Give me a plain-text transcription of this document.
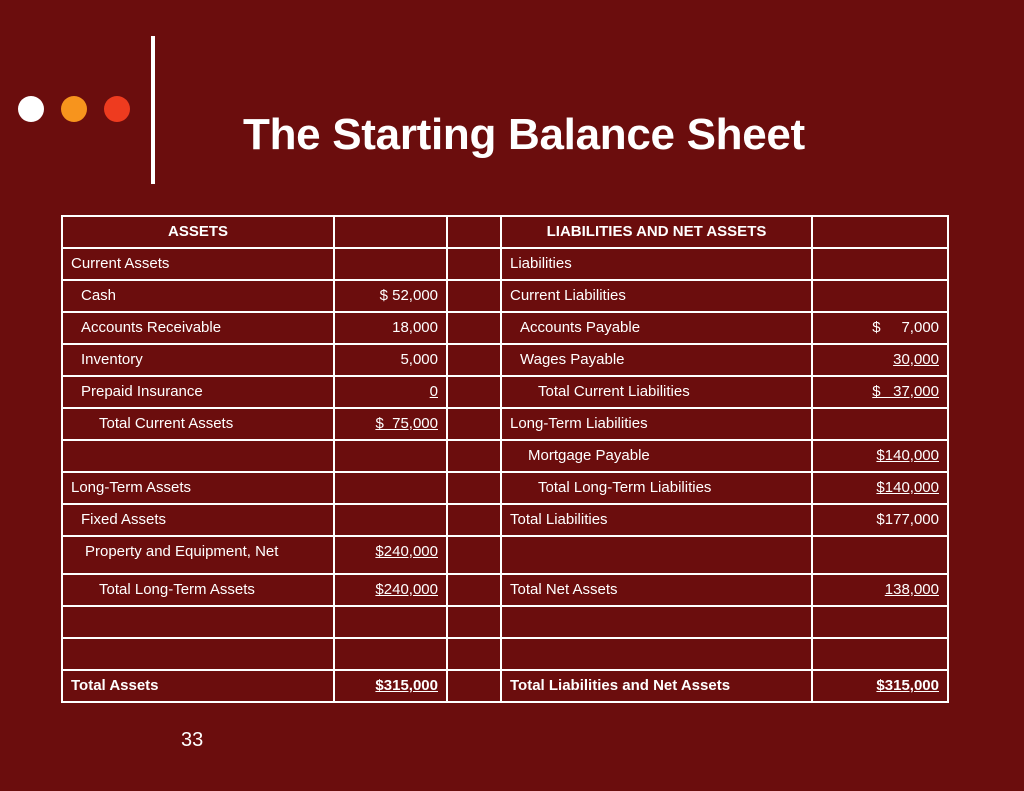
The Starting Balance Sheet
ASSETS			LIABILITIES AND NET ASSETS	
Current Assets			Liabilities	
Cash	$ 52,000		Current Liabilities	
Accounts Receivable	18,000		Accounts Payable	$     7,000
Inventory	5,000		Wages Payable	30,000
Prepaid Insurance	0		Total Current Liabilities	$   37,000
Total Current Assets	$  75,000		Long-Term Liabilities	
			Mortgage Payable	$140,000
Long-Term Assets			Total Long-Term Liabilities	$140,000
Fixed Assets			Total Liabilities	$177,000
Property and Equipment, Net	$240,000			
Total Long-Term Assets	$240,000		Total Net Assets	138,000

Total Assets	$315,000		Total Liabilities and Net Assets	$315,000
33
